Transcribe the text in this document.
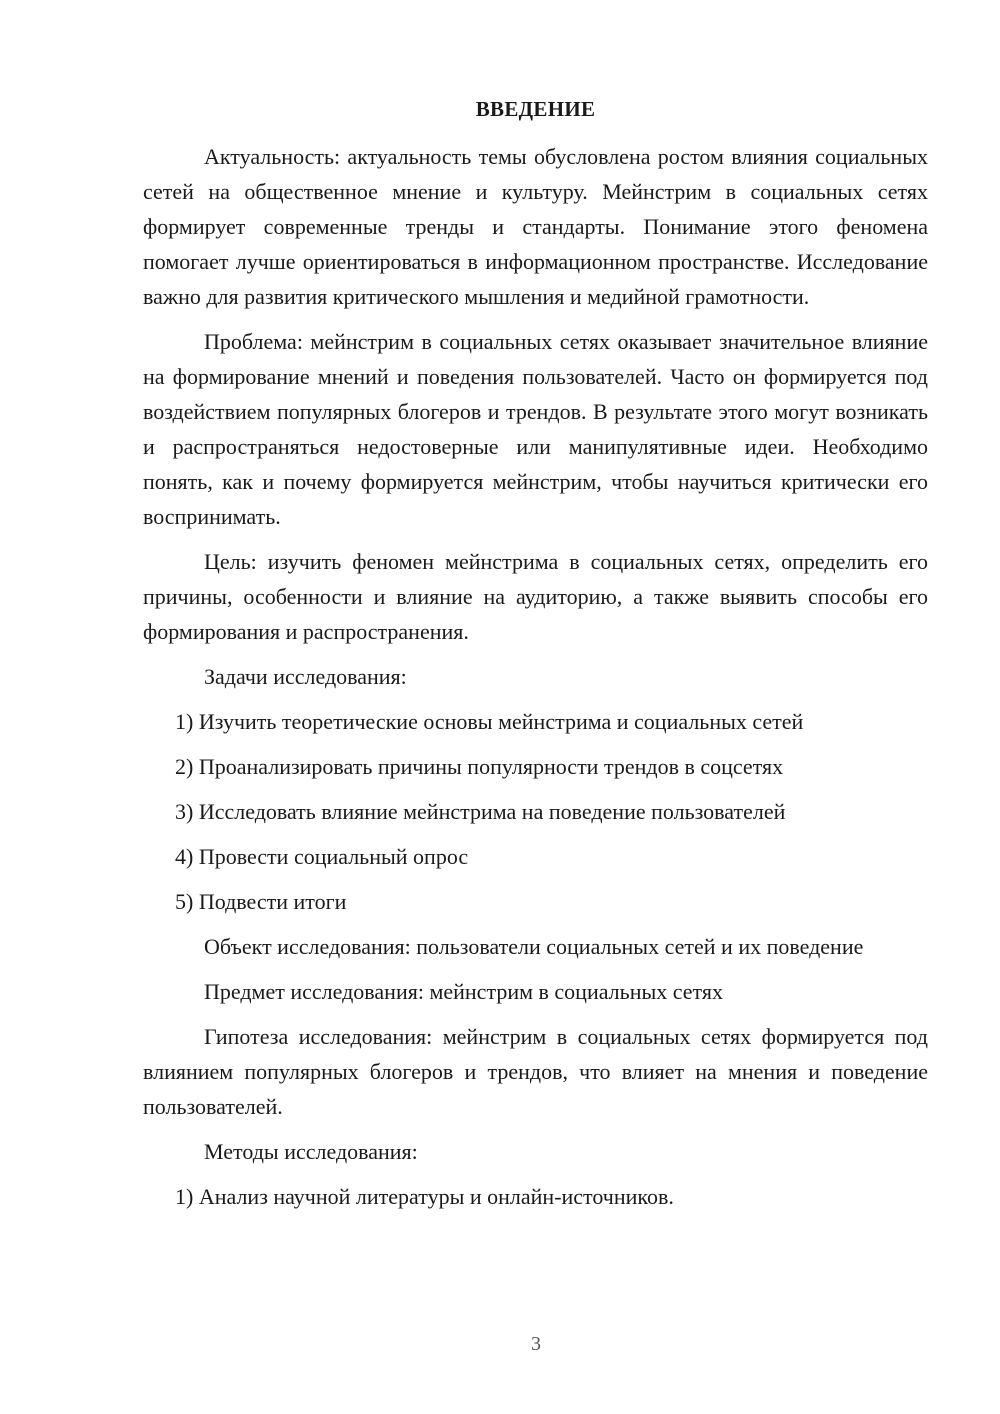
ВВЕДЕНИЕ

Актуальность: актуальность темы обусловлена ростом влияния социальных сетей на общественное мнение и культуру. Мейнстрим в социальных сетях формирует современные тренды и стандарты. Понимание этого феномена помогает лучше ориентироваться в информационном пространстве. Исследование важно для развития критического мышления и медийной грамотности.

Проблема: мейнстрим в социальных сетях оказывает значительное влияние на формирование мнений и поведения пользователей. Часто он формируется под воздействием популярных блогеров и трендов. В результате этого могут возникать и распространяться недостоверные или манипулятивные идеи. Необходимо понять, как и почему формируется мейнстрим, чтобы научиться критически его воспринимать.

Цель: изучить феномен мейнстрима в социальных сетях, определить его причины, особенности и влияние на аудиторию, а также выявить способы его формирования и распространения.

Задачи исследования:

1) Изучить теоретические основы мейнстрима и социальных сетей
2) Проанализировать причины популярности трендов в соцсетях
3) Исследовать влияние мейнстрима на поведение пользователей
4) Провести социальный опрос
5) Подвести итоги

Объект исследования: пользователи социальных сетей и их поведение

Предмет исследования: мейнстрим в социальных сетях

Гипотеза исследования: мейнстрим в социальных сетях формируется под влиянием популярных блогеров и трендов, что влияет на мнения и поведение пользователей.

Методы исследования:

1) Анализ научной литературы и онлайн-источников.
3
